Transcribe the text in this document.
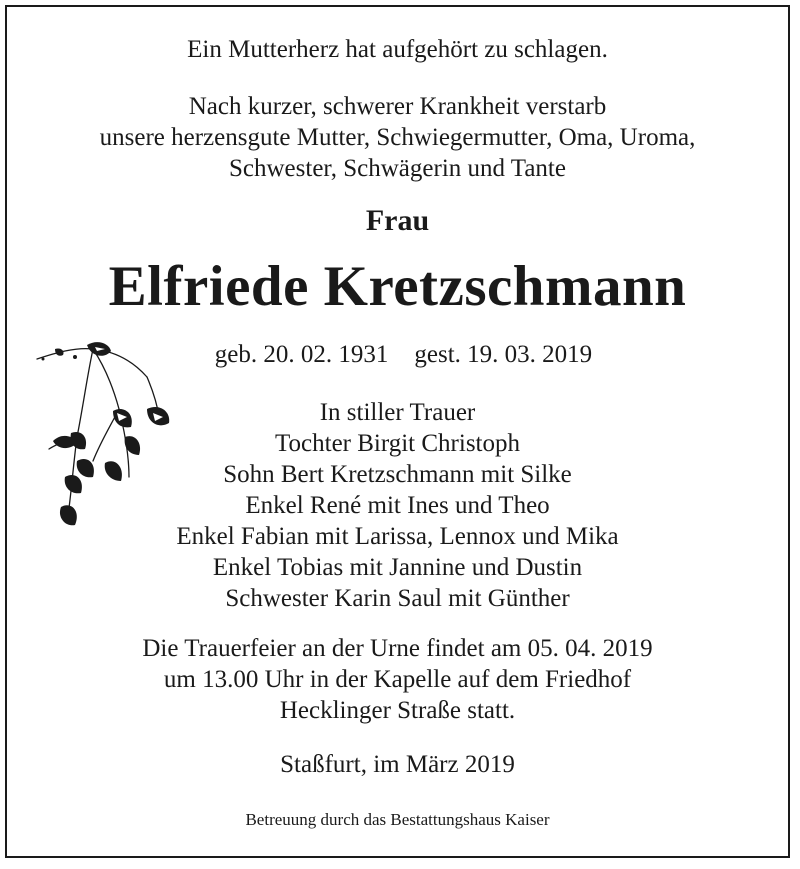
Ein Mutterherz hat aufgehört zu schlagen.
Nach kurzer, schwerer Krankheit verstarb
unsere herzensgute Mutter, Schwiegermutter, Oma, Uroma,
Schwester, Schwägerin und Tante
Frau
Elfriede Kretzschmann
geb. 20. 02. 1931 gest. 19. 03. 2019
In stiller Trauer
Tochter Birgit Christoph
Sohn Bert Kretzschmann mit Silke
Enkel René mit Ines und Theo
Enkel Fabian mit Larissa, Lennox und Mika
Enkel Tobias mit Jannine und Dustin
Schwester Karin Saul mit Günther
Die Trauerfeier an der Urne findet am 05. 04. 2019
um 13.00 Uhr in der Kapelle auf dem Friedhof
Hecklinger Straße statt.
Staßfurt, im März 2019
Betreuung durch das Bestattungshaus Kaiser
